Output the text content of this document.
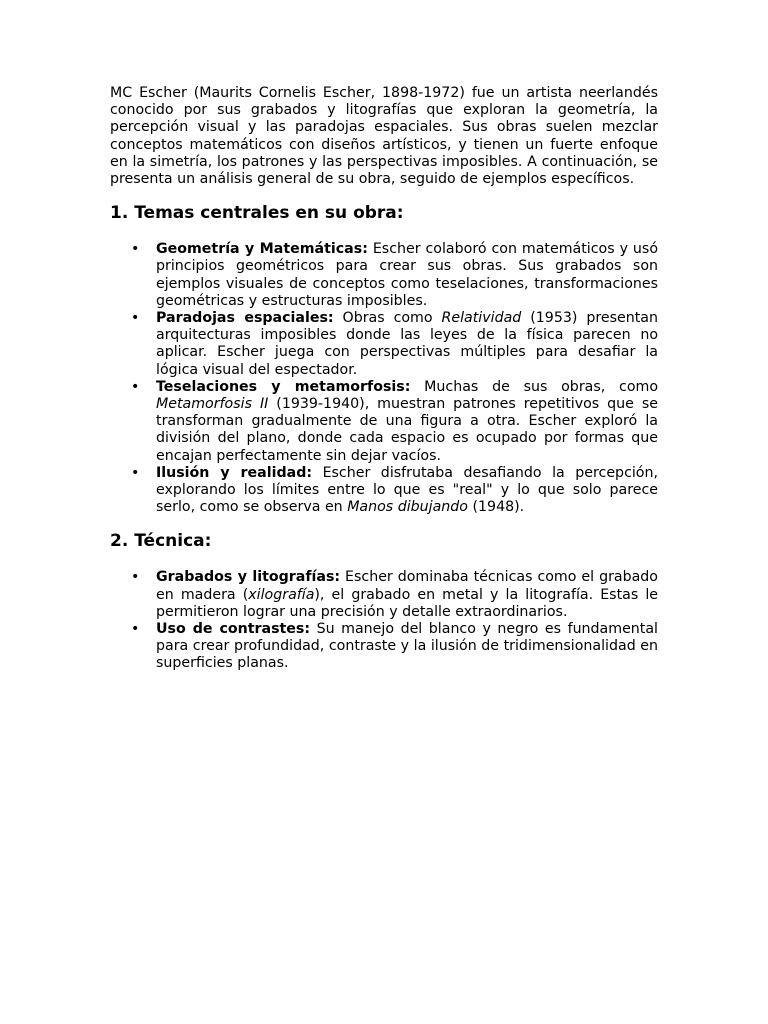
MC Escher (Maurits Cornelis Escher, 1898-1972) fue un artista neerlandés conocido por sus grabados y litografías que exploran la geometría, la percepción visual y las paradojas espaciales. Sus obras suelen mezclar conceptos matemáticos con diseños artísticos, y tienen un fuerte enfoque en la simetría, los patrones y las perspectivas imposibles. A continuación, se presenta un análisis general de su obra, seguido de ejemplos específicos.

1. Temas centrales en su obra:
• Geometría y Matemáticas: Escher colaboró con matemáticos y usó principios geométricos para crear sus obras. Sus grabados son ejemplos visuales de conceptos como teselaciones, transformaciones geométricas y estructuras imposibles.
• Paradojas espaciales: Obras como Relatividad (1953) presentan arquitecturas imposibles donde las leyes de la física parecen no aplicar. Escher juega con perspectivas múltiples para desafiar la lógica visual del espectador.
• Teselaciones y metamorfosis: Muchas de sus obras, como Metamorfosis II (1939-1940), muestran patrones repetitivos que se transforman gradualmente de una figura a otra. Escher exploró la división del plano, donde cada espacio es ocupado por formas que encajan perfectamente sin dejar vacíos.
• Ilusión y realidad: Escher disfrutaba desafiando la percepción, explorando los límites entre lo que es "real" y lo que solo parece serlo, como se observa en Manos dibujando (1948).
2. Técnica:
• Grabados y litografías: Escher dominaba técnicas como el grabado en madera (xilografía), el grabado en metal y la litografía. Estas le permitieron lograr una precisión y detalle extraordinarios.
• Uso de contrastes: Su manejo del blanco y negro es fundamental para crear profundidad, contraste y la ilusión de tridimensionalidad en superficies planas.
